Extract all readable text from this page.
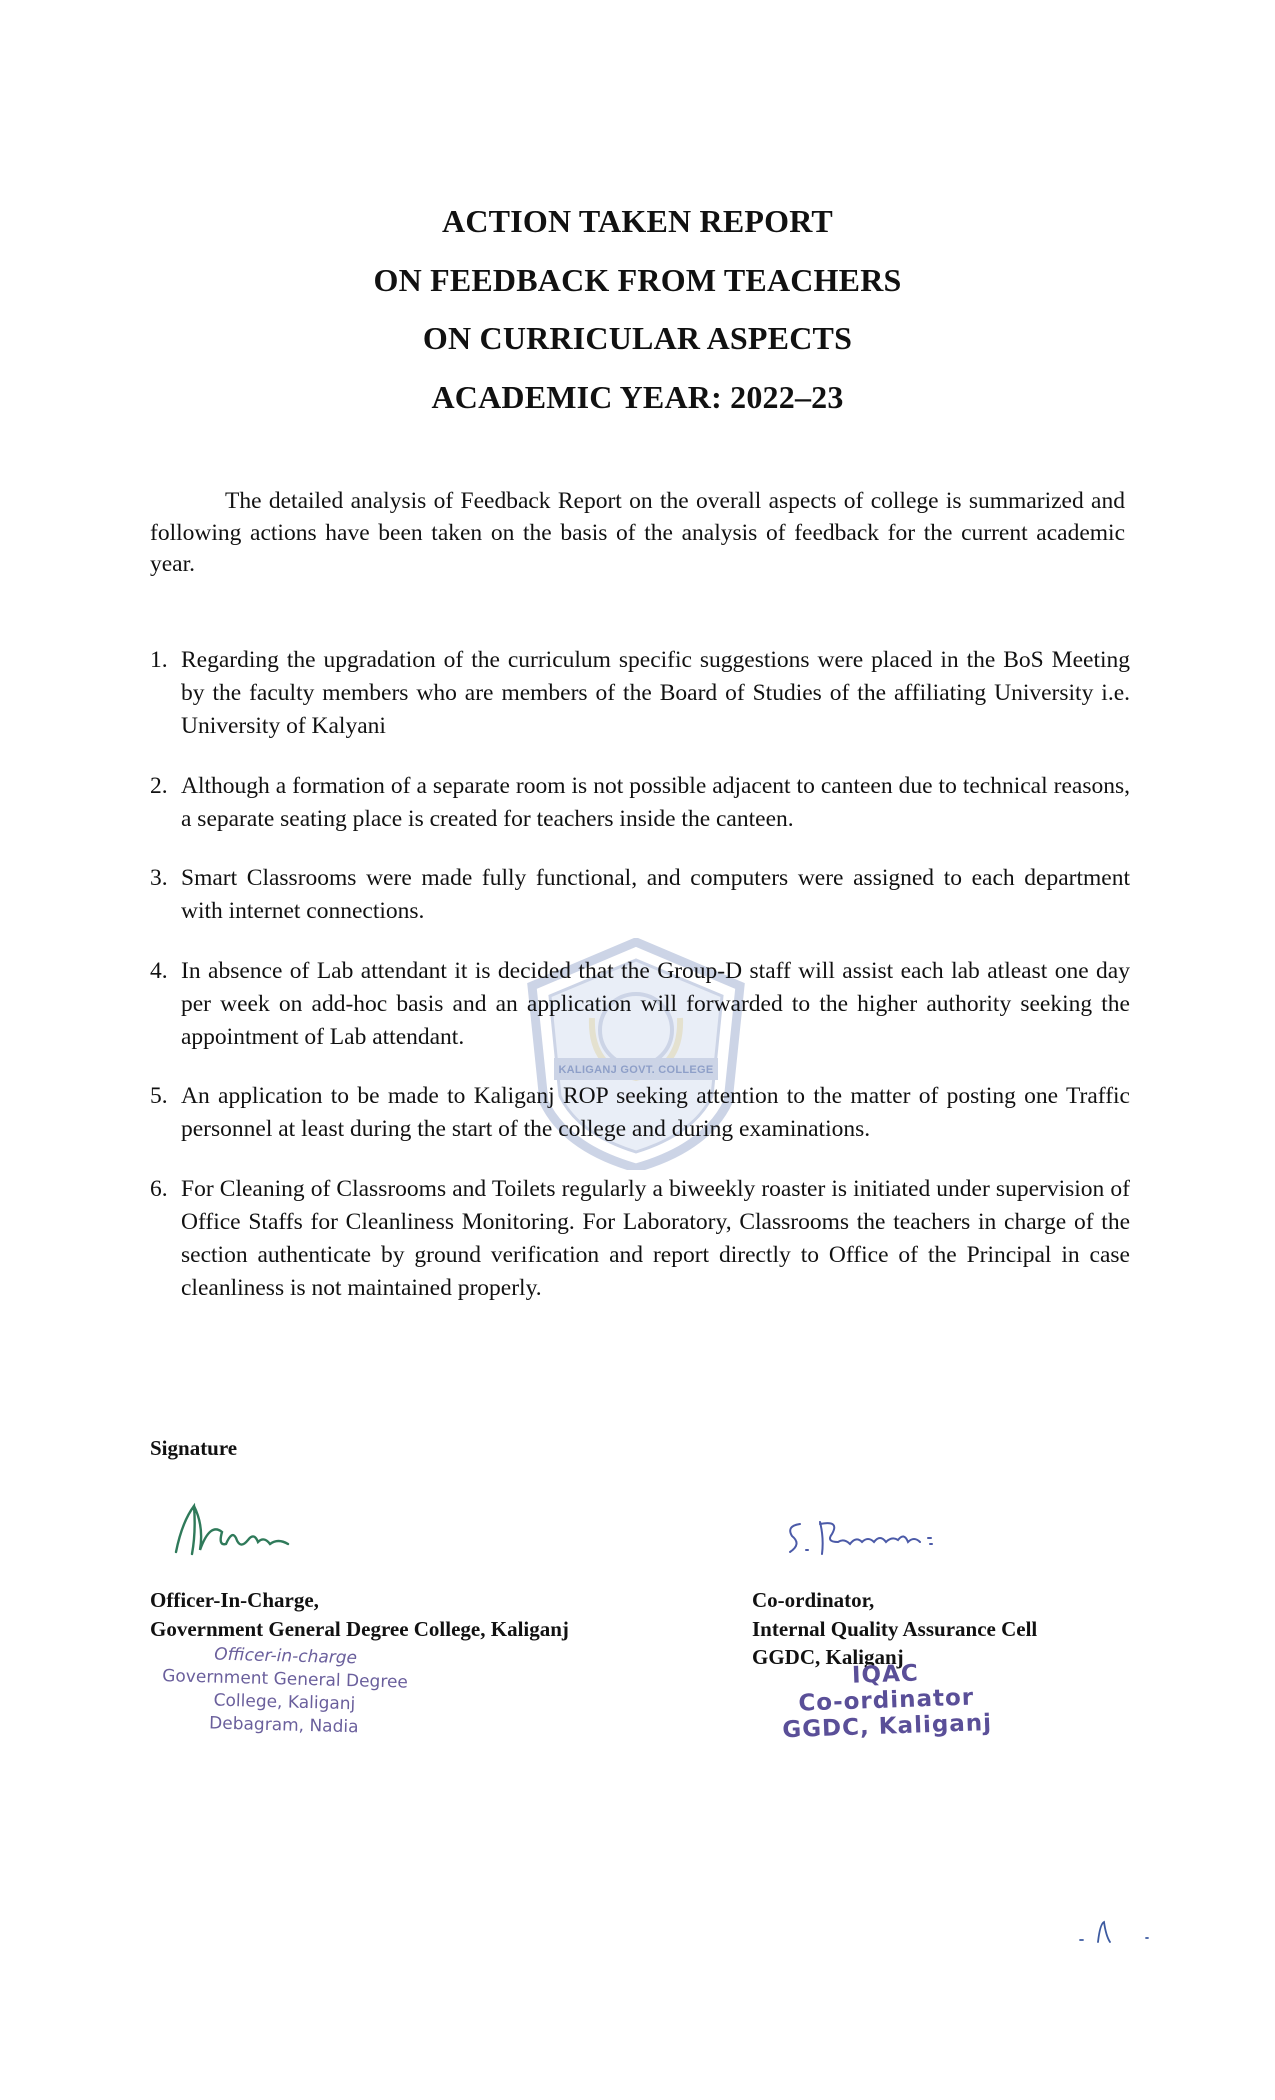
ACTION TAKEN REPORT

ON FEEDBACK FROM TEACHERS

ON CURRICULAR ASPECTS

ACADEMIC YEAR: 2022–23

The detailed analysis of Feedback Report on the overall aspects of college is summarized and following actions have been taken on the basis of the analysis of feedback for the current academic year.

KALIGANJ GOVT. COLLEGE
1. Regarding the upgradation of the curriculum specific suggestions were placed in the BoS Meeting by the faculty members who are members of the Board of Studies of the affiliating University i.e. University of Kalyani
2. Although a formation of a separate room is not possible adjacent to canteen due to technical reasons, a separate seating place is created for teachers inside the canteen.
3. Smart Classrooms were made fully functional, and computers were assigned to each department with internet connections.
4. In absence of Lab attendant it is decided that the Group-D staff will assist each lab atleast one day per week on add-hoc basis and an application will forwarded to the higher authority seeking the appointment of Lab attendant.
5. An application to be made to Kaliganj ROP seeking attention to the matter of posting one Traffic personnel at least during the start of the college and during examinations.
6. For Cleaning of Classrooms and Toilets regularly a biweekly roaster is initiated under supervision of Office Staffs for Cleanliness Monitoring. For Laboratory, Classrooms the teachers in charge of the section authenticate by ground verification and report directly to Office of the Principal in case cleanliness is not maintained properly.

Signature

Officer-In-Charge,

Government General Degree College, Kaliganj

Co-ordinator,

Internal Quality Assurance Cell

GGDC, Kaliganj

Officer-in-charge

Government General Degree

College, Kaliganj

Debagram, Nadia

IQAC

Co-ordinator

GGDC, Kaliganj
